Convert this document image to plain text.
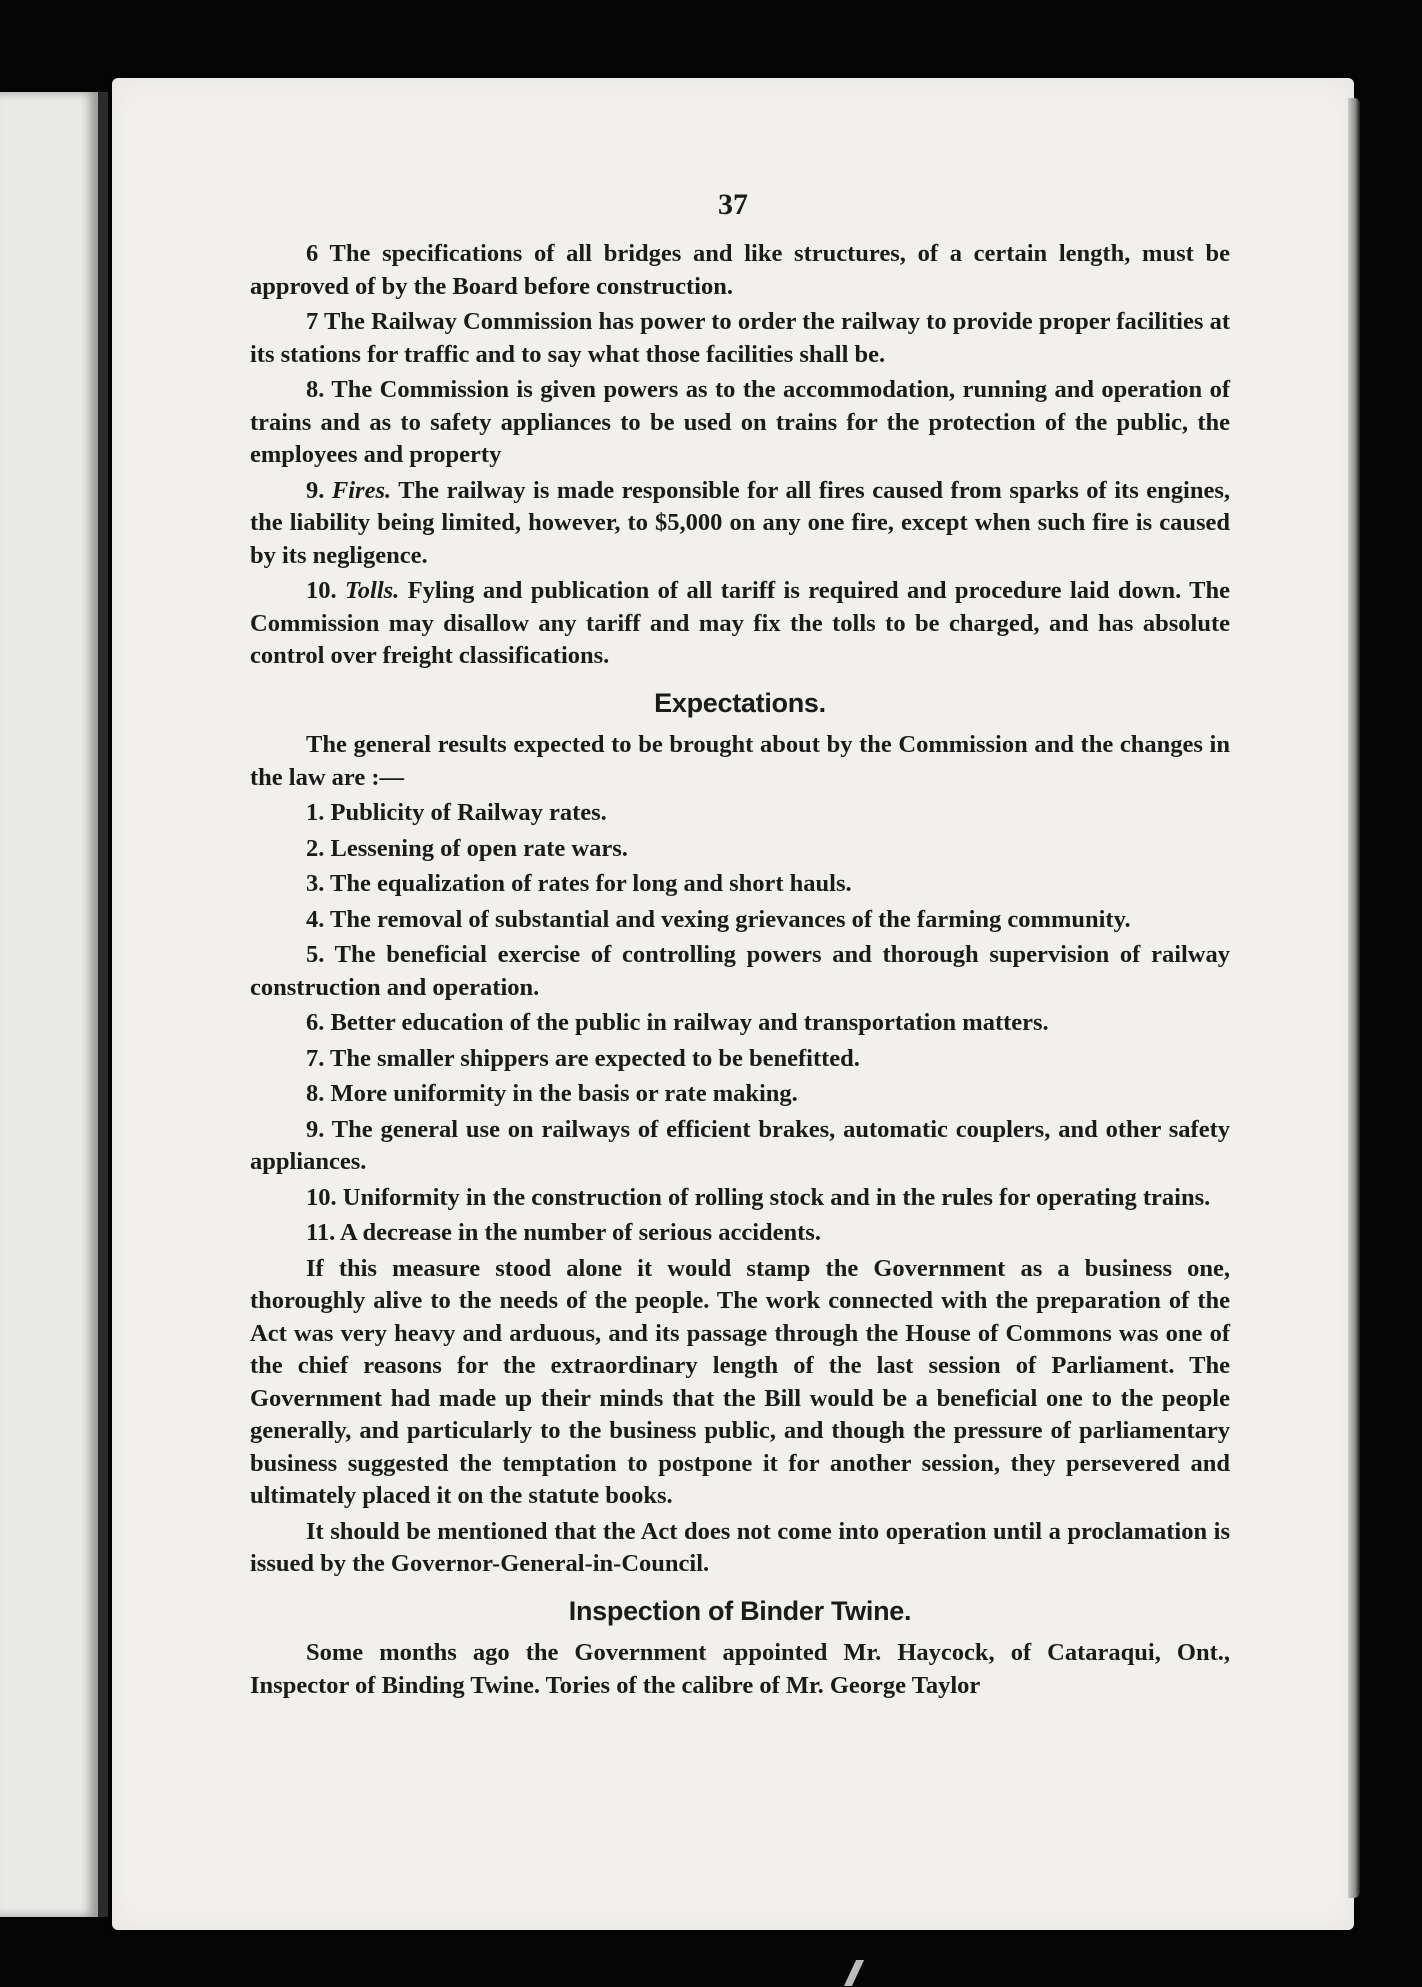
37

6 The specifications of all bridges and like structures, of a certain length, must be approved of by the Board before construction.

7 The Railway Commission has power to order the railway to provide proper facilities at its stations for traffic and to say what those facilities shall be.

8. The Commission is given powers as to the accommodation, running and operation of trains and as to safety appliances to be used on trains for the protection of the public, the employees and property

9. Fires. The railway is made responsible for all fires caused from sparks of its engines, the liability being limited, however, to $5,000 on any one fire, except when such fire is caused by its negligence.

10. Tolls. Fyling and publication of all tariff is required and procedure laid down. The Commission may disallow any tariff and may fix the tolls to be charged, and has absolute control over freight classifications.

Expectations.

The general results expected to be brought about by the Commission and the changes in the law are :—

1. Publicity of Railway rates.
2. Lessening of open rate wars.
3. The equalization of rates for long and short hauls.
4. The removal of substantial and vexing grievances of the farming community.
5. The beneficial exercise of controlling powers and thorough supervision of railway construction and operation.
6. Better education of the public in railway and transportation matters.
7. The smaller shippers are expected to be benefitted.
8. More uniformity in the basis or rate making.
9. The general use on railways of efficient brakes, automatic couplers, and other safety appliances.
10. Uniformity in the construction of rolling stock and in the rules for operating trains.
11. A decrease in the number of serious accidents.

If this measure stood alone it would stamp the Government as a business one, thoroughly alive to the needs of the people. The work connected with the preparation of the Act was very heavy and arduous, and its passage through the House of Commons was one of the chief reasons for the extraordinary length of the last session of Parliament. The Government had made up their minds that the Bill would be a beneficial one to the people generally, and particularly to the business public, and though the pressure of parliamentary business suggested the temptation to postpone it for another session, they persevered and ultimately placed it on the statute books.

It should be mentioned that the Act does not come into operation until a proclamation is issued by the Governor-General-in-Council.

Inspection of Binder Twine.

Some months ago the Government appointed Mr. Haycock, of Cataraqui, Ont., Inspector of Binding Twine. Tories of the calibre of Mr. George Taylor
